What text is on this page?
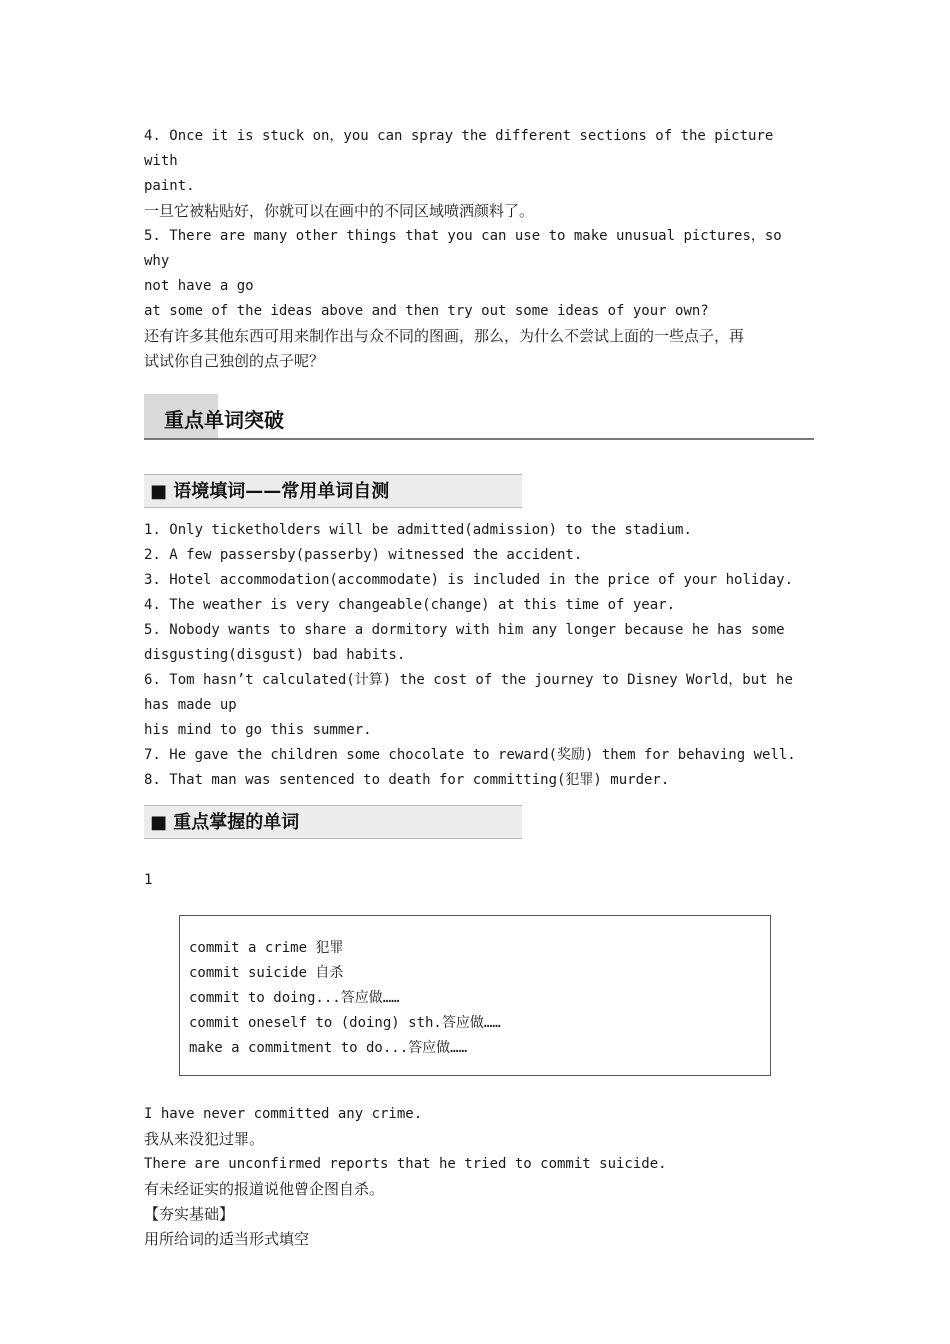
4. Once it is stuck on，you can spray the different sections of the picture with

paint.

一旦它被粘贴好，你就可以在画中的不同区域喷洒颜料了。

5. There are many other things that you can use to make unusual pictures，so why

not have a go

at some of the ideas above and then try out some ideas of your own?

还有许多其他东西可用来制作出与众不同的图画，那么，为什么不尝试上面的一些点子，再

试试你自己独创的点子呢？

重点单词突破
■ 语境填词——常用单词自测

1. Only ticketholders will be admitted(admission) to the stadium.

2. A few passersby(passerby) witnessed the accident.

3. Hotel accommodation(accommodate) is included in the price of your holiday.

4. The weather is very changeable(change) at this time of year.

5. Nobody wants to share a dormitory with him any longer because he has some

disgusting(disgust) bad habits.

6. Tom hasn’t calculated(计算) the cost of the journey to Disney World，but he

has made up

his mind to go this summer.

7. He gave the children some chocolate to reward(奖励) them for behaving well.

8. That man was sentenced to death for committing(犯罪) murder.

■ 重点掌握的单词

1

commit a crime 犯罪

commit suicide 自杀

commit to doing...答应做……

commit oneself to (doing) sth.答应做……

make a commitment to do...答应做……

I have never committed any crime.

我从来没犯过罪。

There are unconfirmed reports that he tried to commit suicide.

有未经证实的报道说他曾企图自杀。

【夯实基础】

用所给词的适当形式填空
